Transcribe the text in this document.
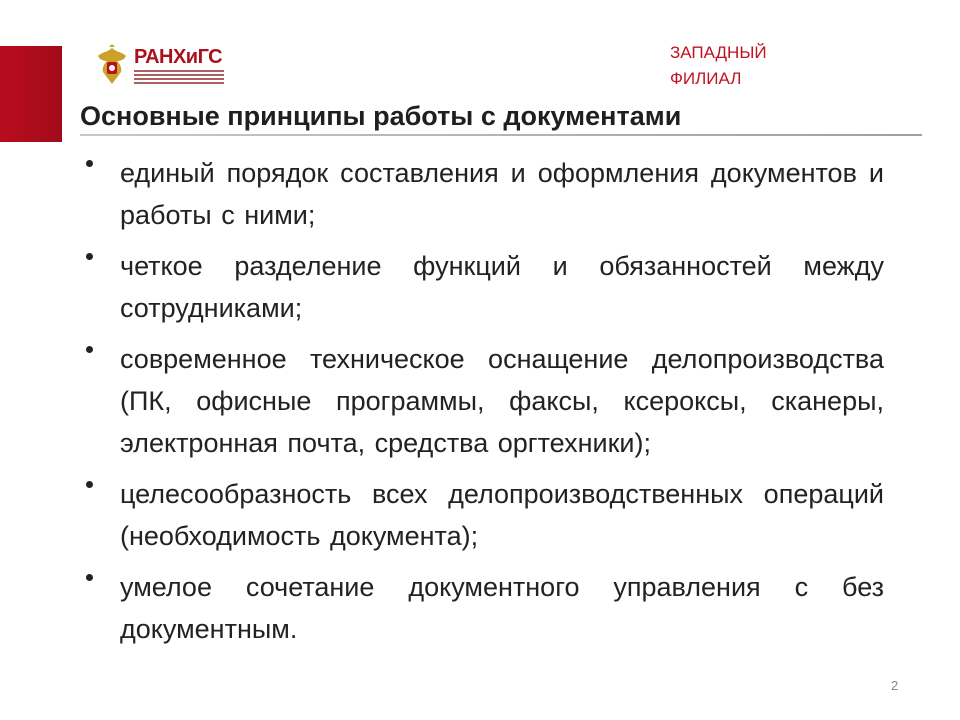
РАНХиГС	ЗАПАДНЫЙ
ФИЛИАЛ
Основные принципы работы с документами
единый порядок составления и оформления документов и работы с ними;
четкое разделение функций и обязанностей между сотрудниками;
современное техническое оснащение делопроизводства (ПК, офисные программы, факсы, ксероксы, сканеры, электронная почта, средства оргтехники);
целесообразность всех делопроизводственных операций (необходимость документа);
умелое сочетание документного управления с без документным.
2
